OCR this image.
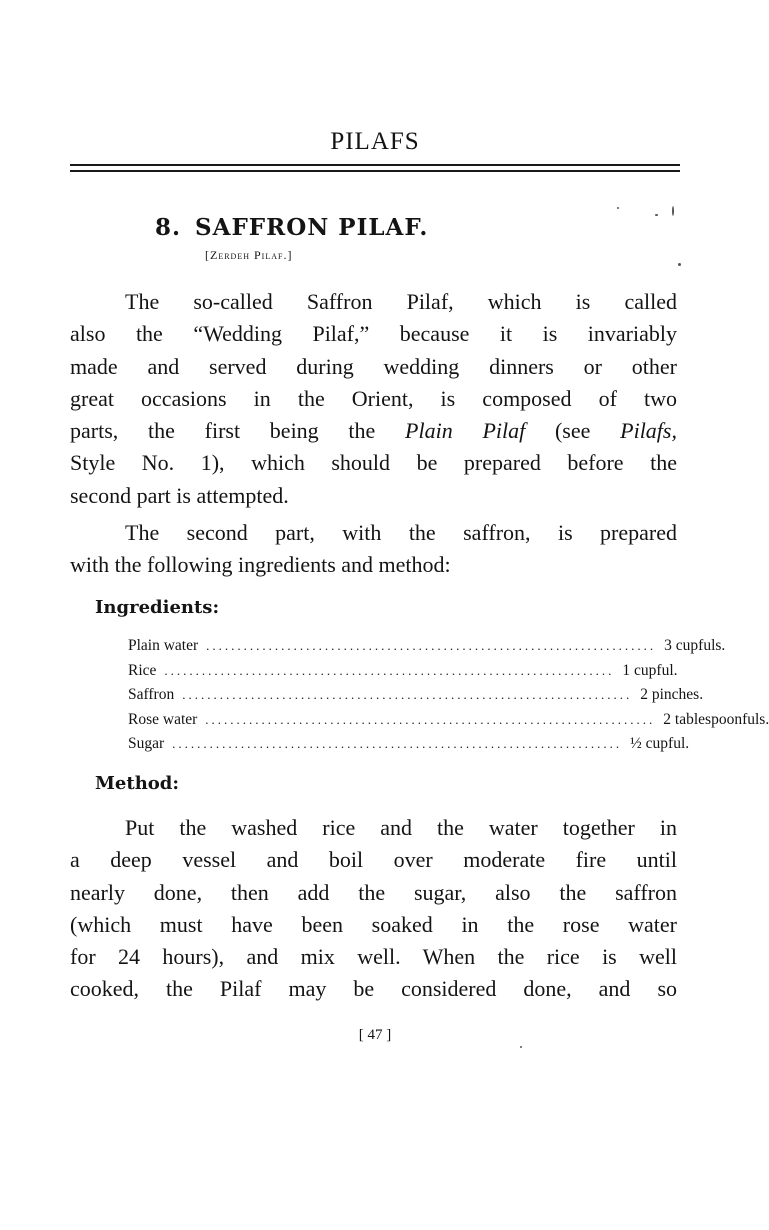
PILAFS
8. SAFFRON PILAF.
[Zerdeh Pilaf.]
The so-called Saffron Pilaf, which is called
also the “Wedding Pilaf,” because it is invariably
made and served during wedding dinners or other
great occasions in the Orient, is composed of two
parts, the first being the Plain Pilaf (see Pilafs,
Style No. 1), which should be prepared before the
second part is attempted.
The second part, with the saffron, is prepared
with the following ingredients and method:
Ingredients:
Plain water ........................................................................ 3 cupfuls.
Rice ........................................................................ 1 cupful.
Saffron ........................................................................ 2 pinches.
Rose water ........................................................................ 2 tablespoonfuls.
Sugar ........................................................................ ½ cupful.
Method:
Put the washed rice and the water together in
a deep vessel and boil over moderate fire until
nearly done, then add the sugar, also the saffron
(which must have been soaked in the rose water
for 24 hours), and mix well. When the rice is well
cooked, the Pilaf may be considered done, and so
[ 47 ]
